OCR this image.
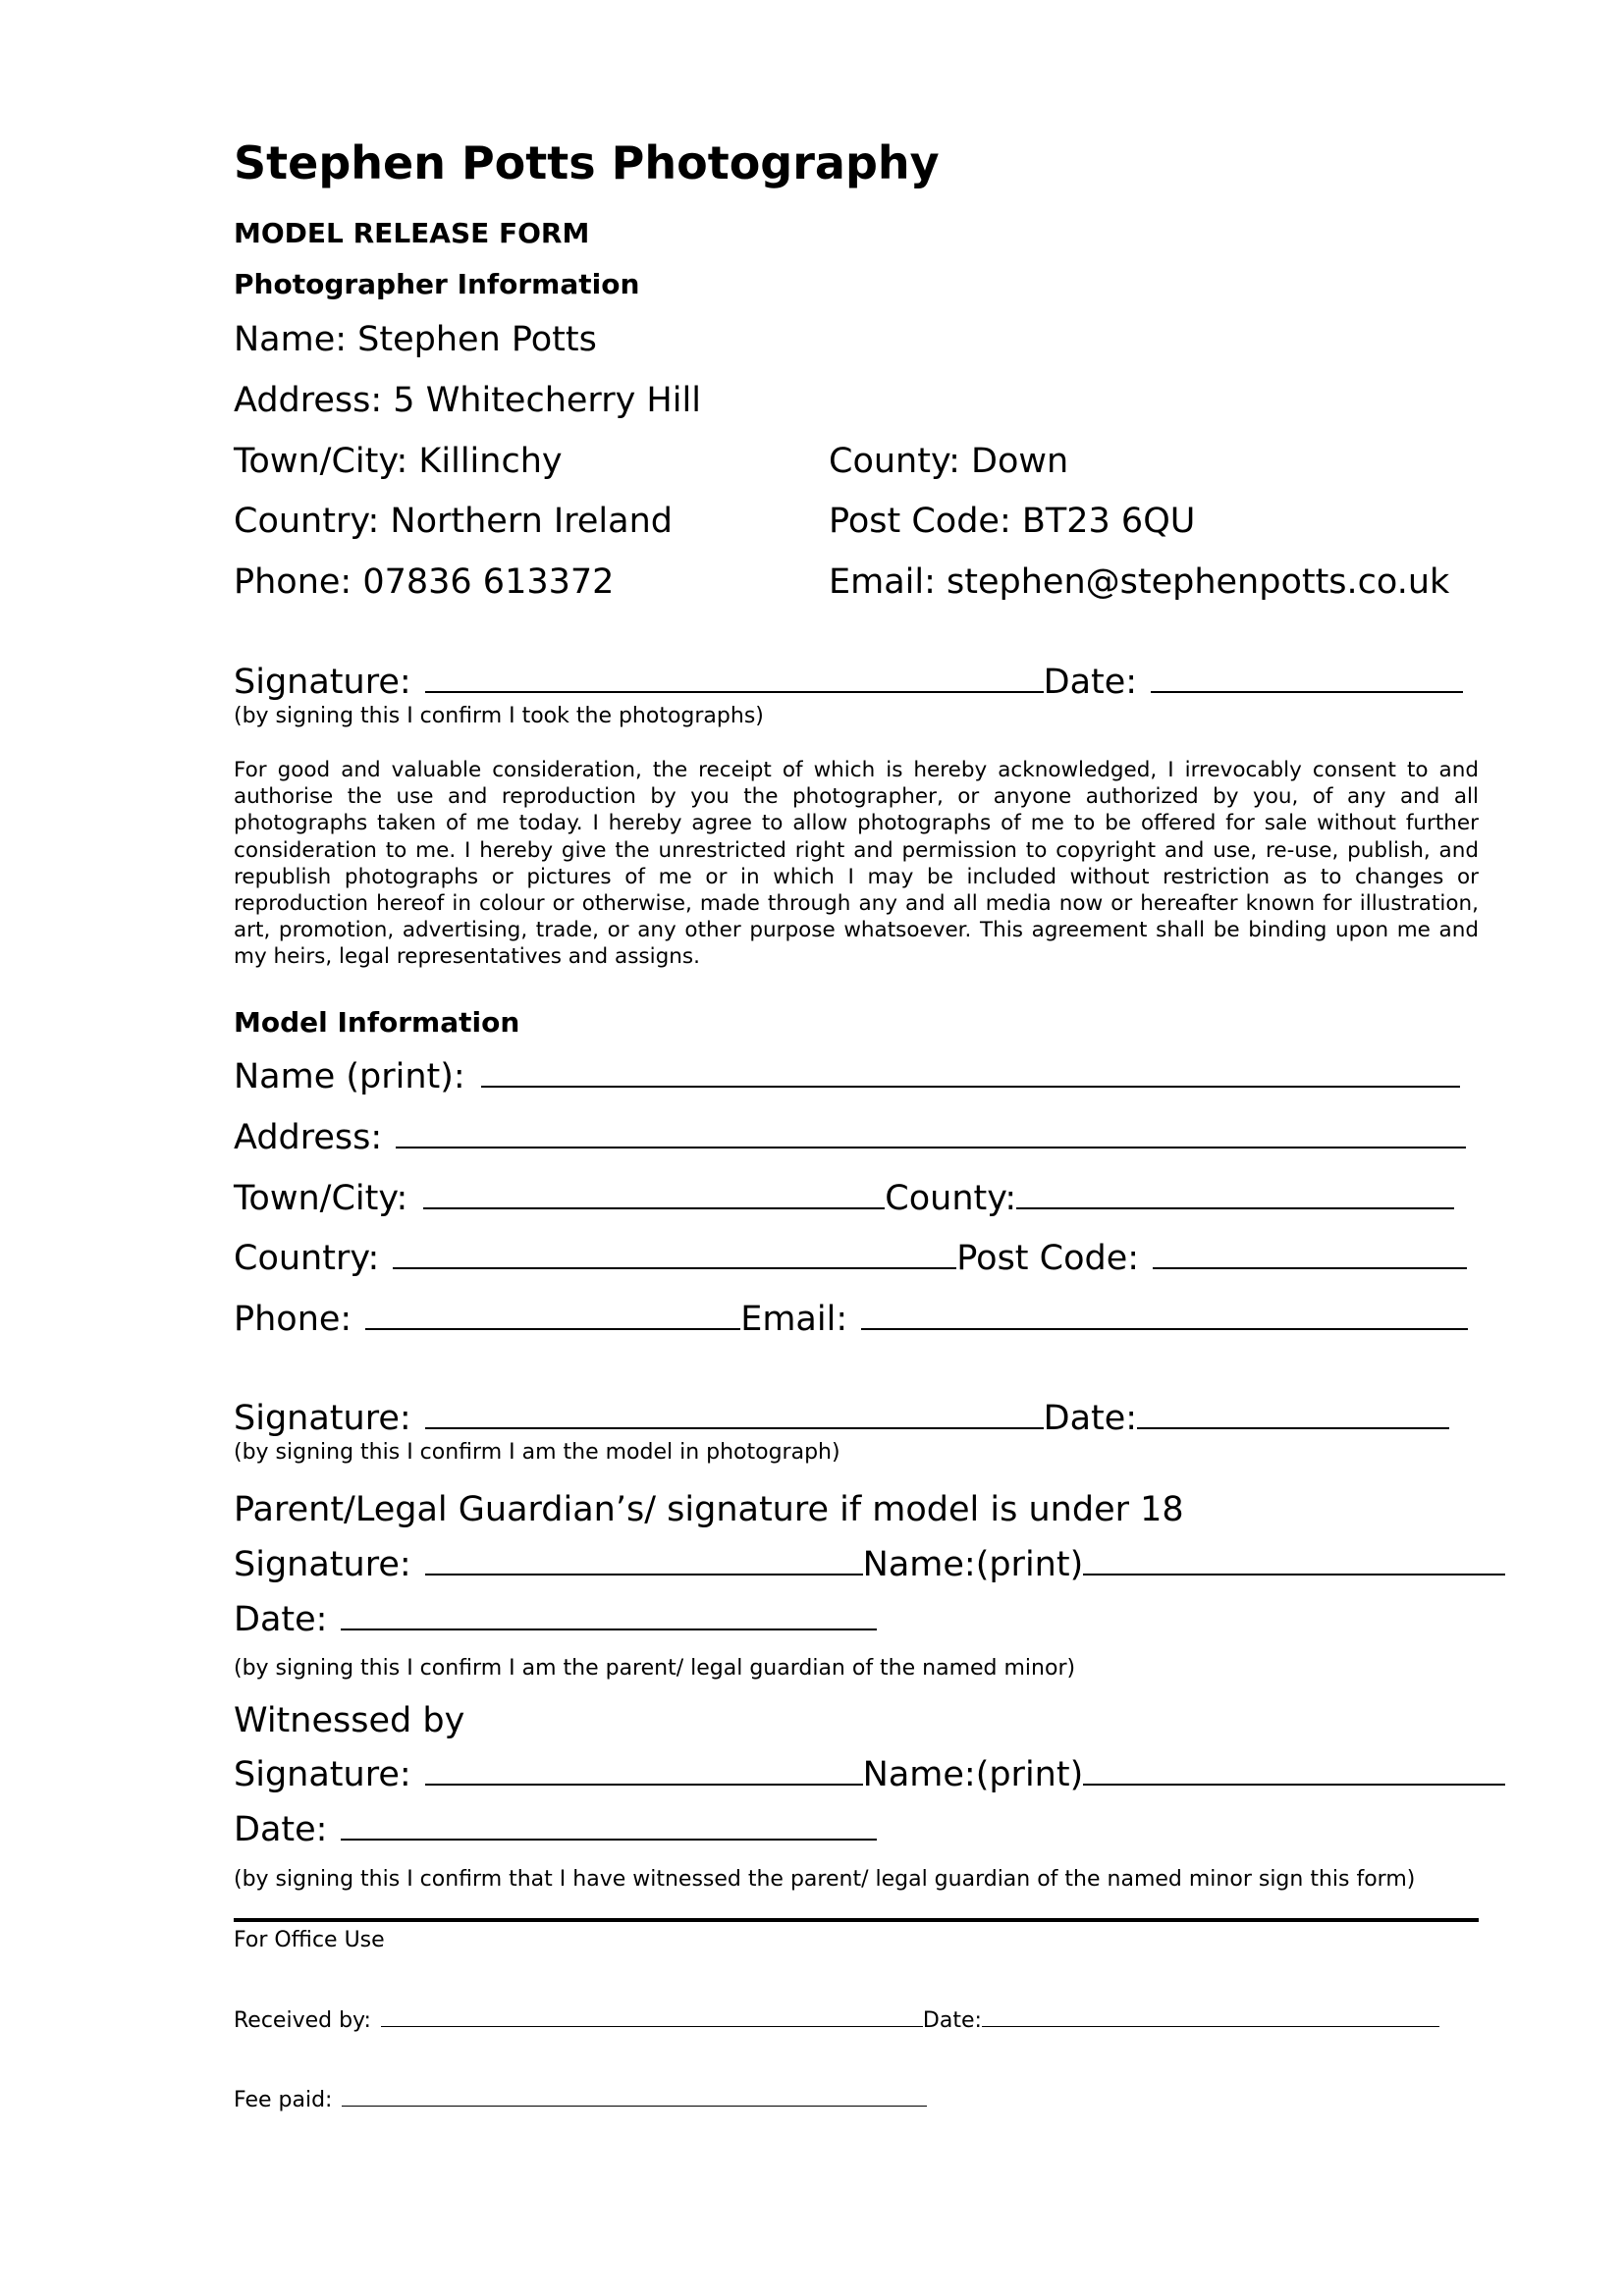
Stephen Potts Photography
MODEL RELEASE FORM
Photographer Information
Name: Stephen Potts
Address: 5 Whitecherry Hill
Town/City: Killinchy	County: Down
Country: Northern Ireland	Post Code: BT23 6QU
Phone: 07836 613372	Email: stephen@stephenpotts.co.uk
Signature:	Date:
(by signing this I confirm I took the photographs)
For good and valuable consideration, the receipt of which is hereby acknowledged, I irrevocably consent to and authorise the use and reproduction by you the photographer, or anyone authorized by you, of any and all photographs taken of me today. I hereby agree to allow photographs of me to be offered for sale without further consideration to me. I hereby give the unrestricted right and permission to copyright and use, re-use, publish, and republish photographs or pictures of me or in which I may be included without restriction as to changes or reproduction hereof in colour or otherwise, made through any and all media now or hereafter known for illustration, art, promotion, advertising, trade, or any other purpose whatsoever. This agreement shall be binding upon me and my heirs, legal representatives and assigns.
Model Information
Name (print):
Address:
Town/City:	County:
Country:	Post Code:
Phone:	Email:
Signature:	Date:
(by signing this I confirm I am the model in photograph)
Parent/Legal Guardian’s/ signature if model is under 18
Signature:	Name:(print)
Date:
(by signing this I confirm I am the parent/ legal guardian of the named minor)
Witnessed by
Signature:	Name:(print)
Date:
(by signing this I confirm that I have witnessed the parent/ legal guardian of the named minor sign this form)
For Office Use
Received by:	Date:
Fee paid:
